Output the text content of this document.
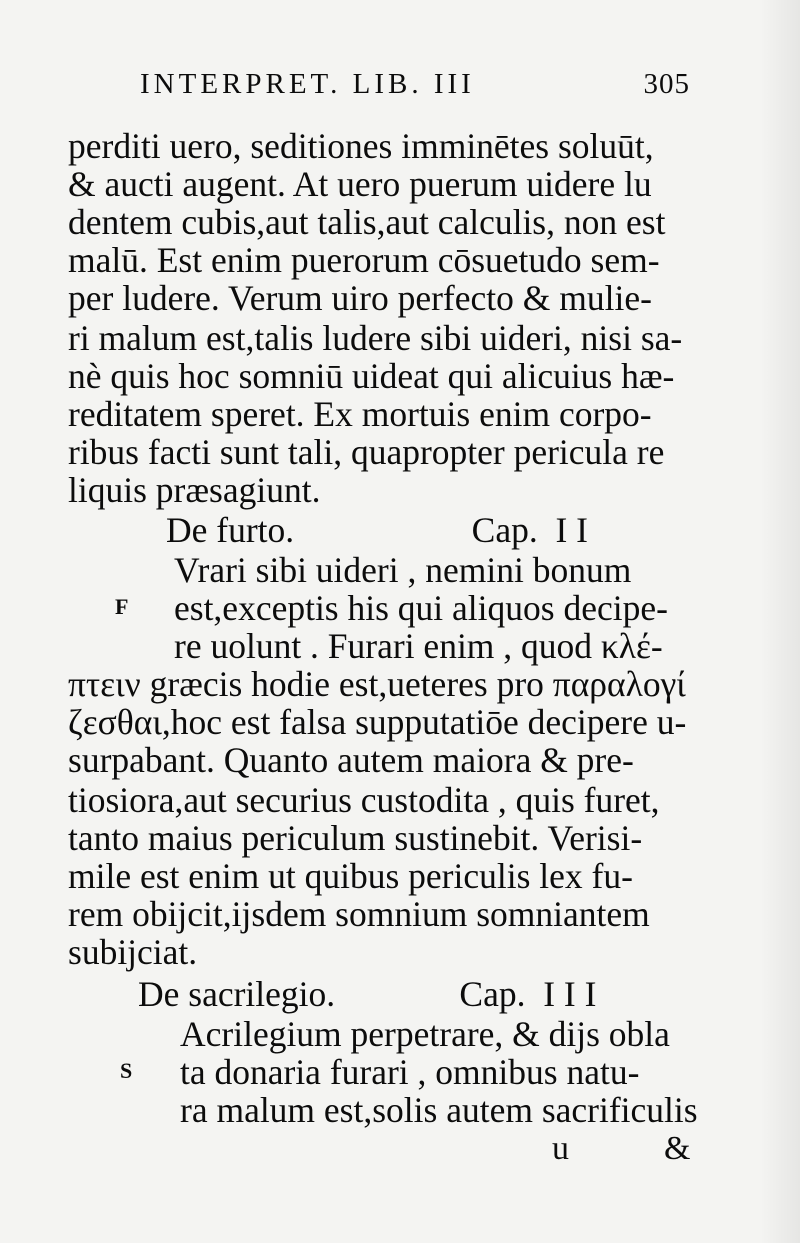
INTERPRET. LIB. III	305
perditi uero, seditiones imminētes soluūt,
& aucti augent. At uero puerum uidere lu
dentem cubis,aut talis,aut calculis, non est
malū. Est enim puerorum cōsuetudo sem-
per ludere. Verum uiro perfecto & mulie-
ri malum est,talis ludere sibi uideri, nisi sa-
nè quis hoc somniū uideat qui alicuius hæ-
reditatem speret. Ex mortuis enim corpo-
ribus facti sunt tali, quapropter pericula re
liquis præsagiunt.
De furto.                    Cap.  I I
Vrari sibi uideri , nemini bonum
F est,exceptis his qui aliquos decipe-
re uolunt . Furari enim , quod κλέ-
πτειν græcis hodie est,ueteres pro παραλογί
ζεσθαι,hoc est falsa supputatiōe decipere u-
surpabant. Quanto autem maiora & pre-
tiosiora,aut securius custodita , quis furet,
tanto maius periculum sustinebit. Verisi-
mile est enim ut quibus periculis lex fu-
rem obijcit,ijsdem somnium somniantem
subijciat.
De sacrilegio.              Cap.  I I I
Acrilegium perpetrare, & dijs obla
S ta donaria furari , omnibus natu-
ra malum est,solis autem sacrificulis
u	&
